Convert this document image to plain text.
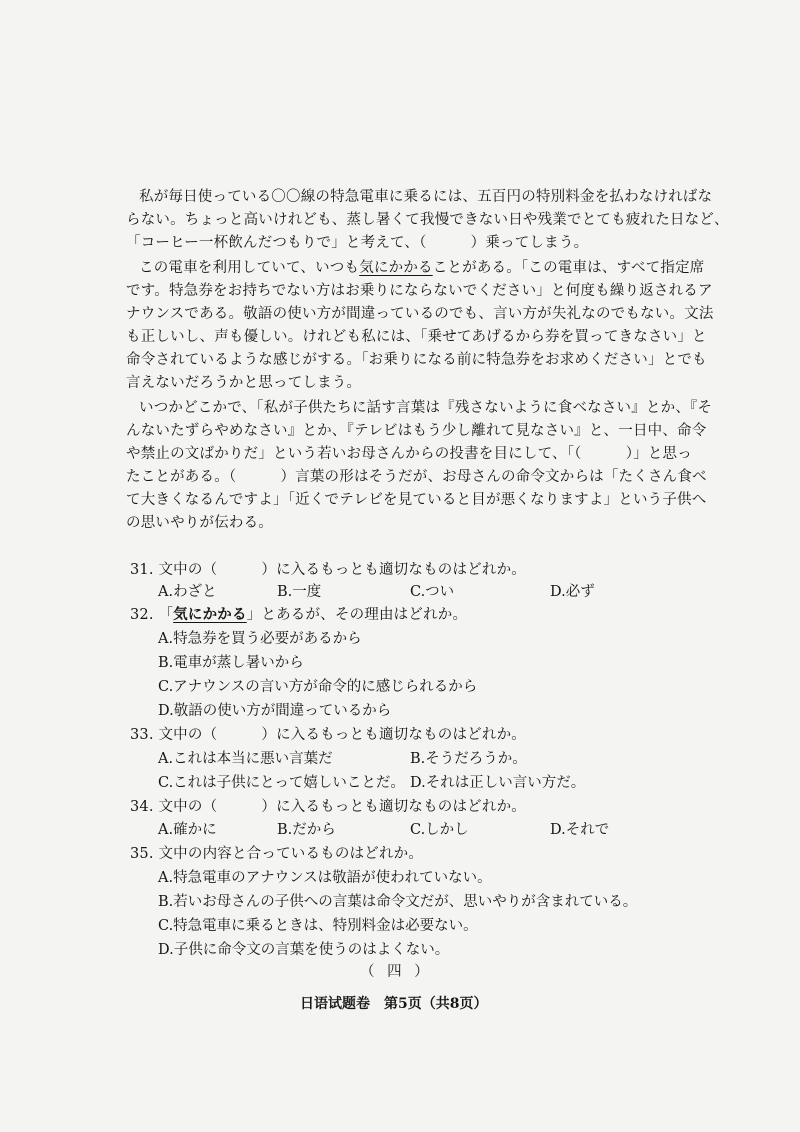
私が毎日使っている〇〇線の特急電車に乗るには、五百円の特別料金を払わなければな
らない。ちょっと高いけれども、蒸し暑くて我慢できない日や残業でとても疲れた日など、
「コーヒー一杯飲んだつもりで」と考えて、（　　　）乗ってしまう。
この電車を利用していて、いつも気にかかることがある。「この電車は、すべて指定席
です。特急券をお持ちでない方はお乗りにならないでください」と何度も繰り返されるア
ナウンスである。敬語の使い方が間違っているのでも、言い方が失礼なのでもない。文法
も正しいし、声も優しい。けれども私には、「乗せてあげるから券を買ってきなさい」と
命令されているような感じがする。「お乗りになる前に特急券をお求めください」とでも
言えないだろうかと思ってしまう。
いつかどこかで、「私が子供たちに話す言葉は『残さないように食べなさい』とか、『そ
んないたずらやめなさい』とか、『テレビはもう少し離れて見なさい』と、一日中、命令
や禁止の文ばかりだ」という若いお母さんからの投書を目にして、「（　　　）」と思っ
たことがある。（　　　）言葉の形はそうだが、お母さんの命令文からは「たくさん食べ
て大きくなるんですよ」「近くでテレビを見ていると目が悪くなりますよ」という子供へ
の思いやりが伝わる。
31. 文中の（　　　）に入るもっとも適切なものはどれか。
A.わざと	B.一度	C.つい	D.必ず
32. 「気にかかる」とあるが、その理由はどれか。
A.特急券を買う必要があるから
B.電車が蒸し暑いから
C.アナウンスの言い方が命令的に感じられるから
D.敬語の使い方が間違っているから
33. 文中の（　　　）に入るもっとも適切なものはどれか。
A.これは本当に悪い言葉だ	B.そうだろうか。
C.これは子供にとって嬉しいことだ。 D.それは正しい言い方だ。
34. 文中の（　　　）に入るもっとも適切なものはどれか。
A.確かに	B.だから	C.しかし	D.それで
35. 文中の内容と合っているものはどれか。
A.特急電車のアナウンスは敬語が使われていない。
B.若いお母さんの子供への言葉は命令文だが、思いやりが含まれている。
C.特急電車に乗るときは、特別料金は必要ない。
D.子供に命令文の言葉を使うのはよくない。
（ 四 ）
日语试题卷　第5页（共8页）
